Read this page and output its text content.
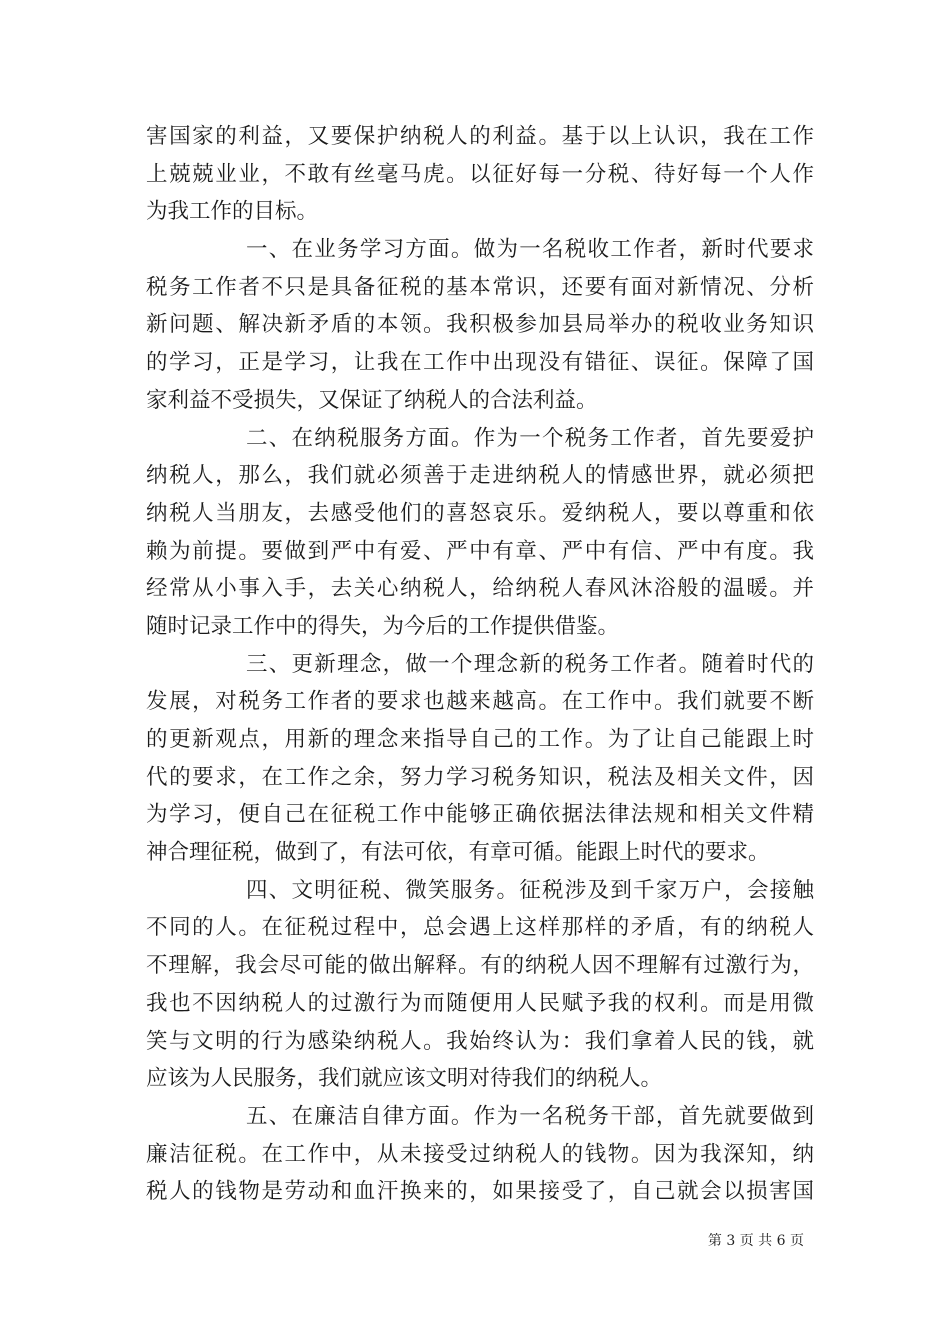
害国家的利益，又要保护纳税人的利益。基于以上认识，我在工作
上兢兢业业，不敢有丝毫马虎。以征好每一分税、待好每一个人作
为我工作的目标。
一、在业务学习方面。做为一名税收工作者，新时代要求
税务工作者不只是具备征税的基本常识，还要有面对新情况、分析
新问题、解决新矛盾的本领。我积极参加县局举办的税收业务知识
的学习，正是学习，让我在工作中出现没有错征、误征。保障了国
家利益不受损失，又保证了纳税人的合法利益。
二、在纳税服务方面。作为一个税务工作者，首先要爱护
纳税人，那么，我们就必须善于走进纳税人的情感世界，就必须把
纳税人当朋友，去感受他们的喜怒哀乐。爱纳税人，要以尊重和依
赖为前提。要做到严中有爱、严中有章、严中有信、严中有度。我
经常从小事入手，去关心纳税人，给纳税人春风沐浴般的温暖。并
随时记录工作中的得失，为今后的工作提供借鉴。
三、更新理念，做一个理念新的税务工作者。随着时代的
发展，对税务工作者的要求也越来越高。在工作中。我们就要不断
的更新观点，用新的理念来指导自己的工作。为了让自己能跟上时
代的要求，在工作之余，努力学习税务知识，税法及相关文件，因
为学习，便自己在征税工作中能够正确依据法律法规和相关文件精
神合理征税，做到了，有法可依，有章可循。能跟上时代的要求。
四、文明征税、微笑服务。征税涉及到千家万户，会接触
不同的人。在征税过程中，总会遇上这样那样的矛盾，有的纳税人
不理解，我会尽可能的做出解释。有的纳税人因不理解有过激行为，
我也不因纳税人的过激行为而随便用人民赋予我的权利。而是用微
笑与文明的行为感染纳税人。我始终认为：我们拿着人民的钱，就
应该为人民服务，我们就应该文明对待我们的纳税人。
五、在廉洁自律方面。作为一名税务干部，首先就要做到
廉洁征税。在工作中，从未接受过纳税人的钱物。因为我深知，纳
税人的钱物是劳动和血汗换来的，如果接受了，自己就会以损害国
第 3 页 共 6 页
